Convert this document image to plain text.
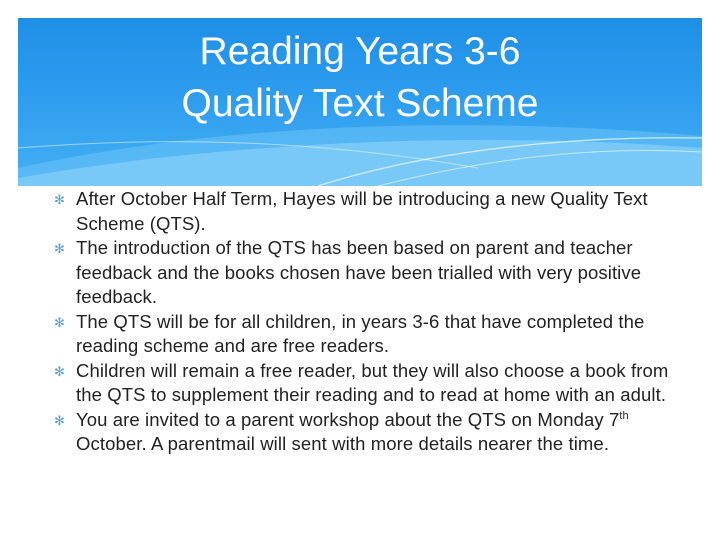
Reading Years 3-6
Quality Text Scheme
✻ After October Half Term, Hayes will be introducing a new Quality Text Scheme (QTS).
✻ The introduction of the QTS has been based on parent and teacher feedback and the books chosen have been trialled with very positive feedback.
✻ The QTS will be for all children, in years 3-6 that have completed the reading scheme and are free readers.
✻ Children will remain a free reader, but they will also choose a book from the QTS to supplement their reading and to read at home with an adult.
✻ You are invited to a parent workshop about the QTS on Monday 7th October. A parentmail will sent with more details nearer the time.
